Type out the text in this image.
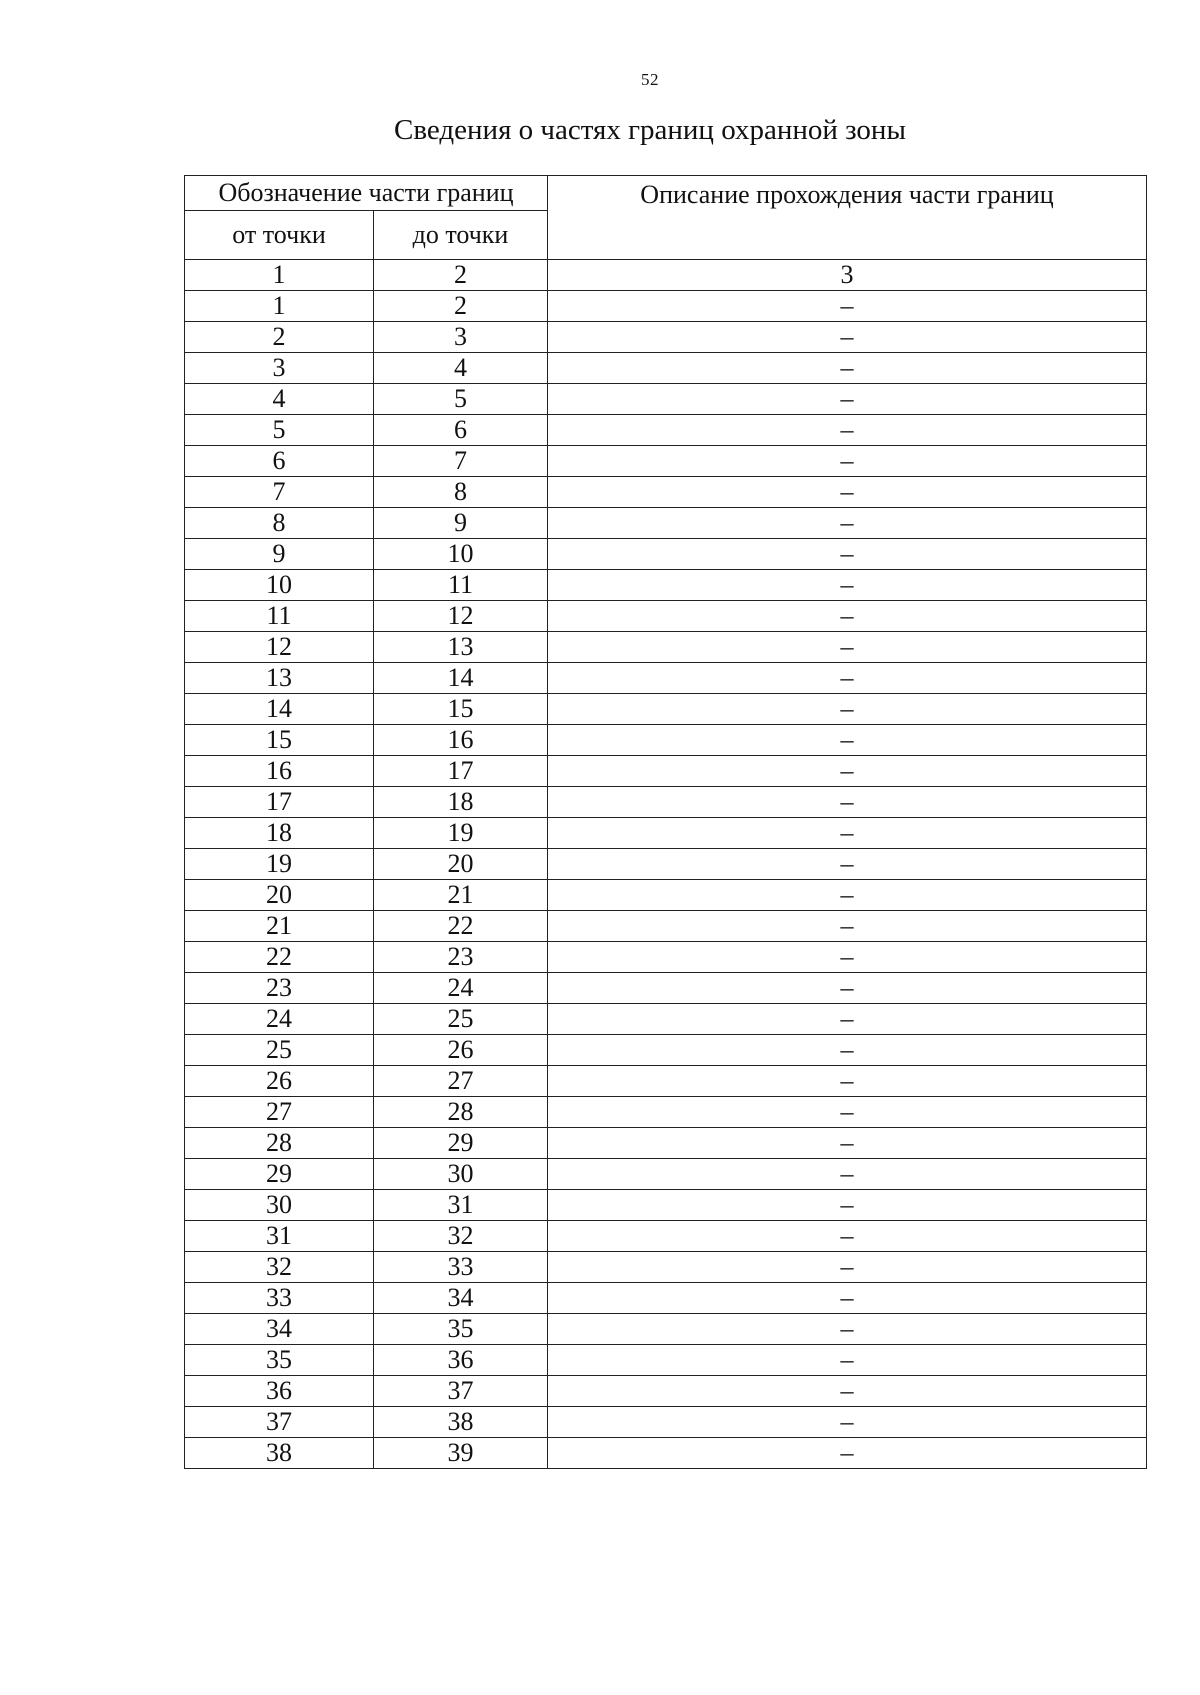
52
Сведения о частях границ охранной зоны
Обозначение части границ		Описание прохождения части границ
от точки	до точки	
1	2	3
1	2	–
2	3	–
3	4	–
4	5	–
5	6	–
6	7	–
7	8	–
8	9	–
9	10	–
10	11	–
11	12	–
12	13	–
13	14	–
14	15	–
15	16	–
16	17	–
17	18	–
18	19	–
19	20	–
20	21	–
21	22	–
22	23	–
23	24	–
24	25	–
25	26	–
26	27	–
27	28	–
28	29	–
29	30	–
30	31	–
31	32	–
32	33	–
33	34	–
34	35	–
35	36	–
36	37	–
37	38	–
38	39	–
